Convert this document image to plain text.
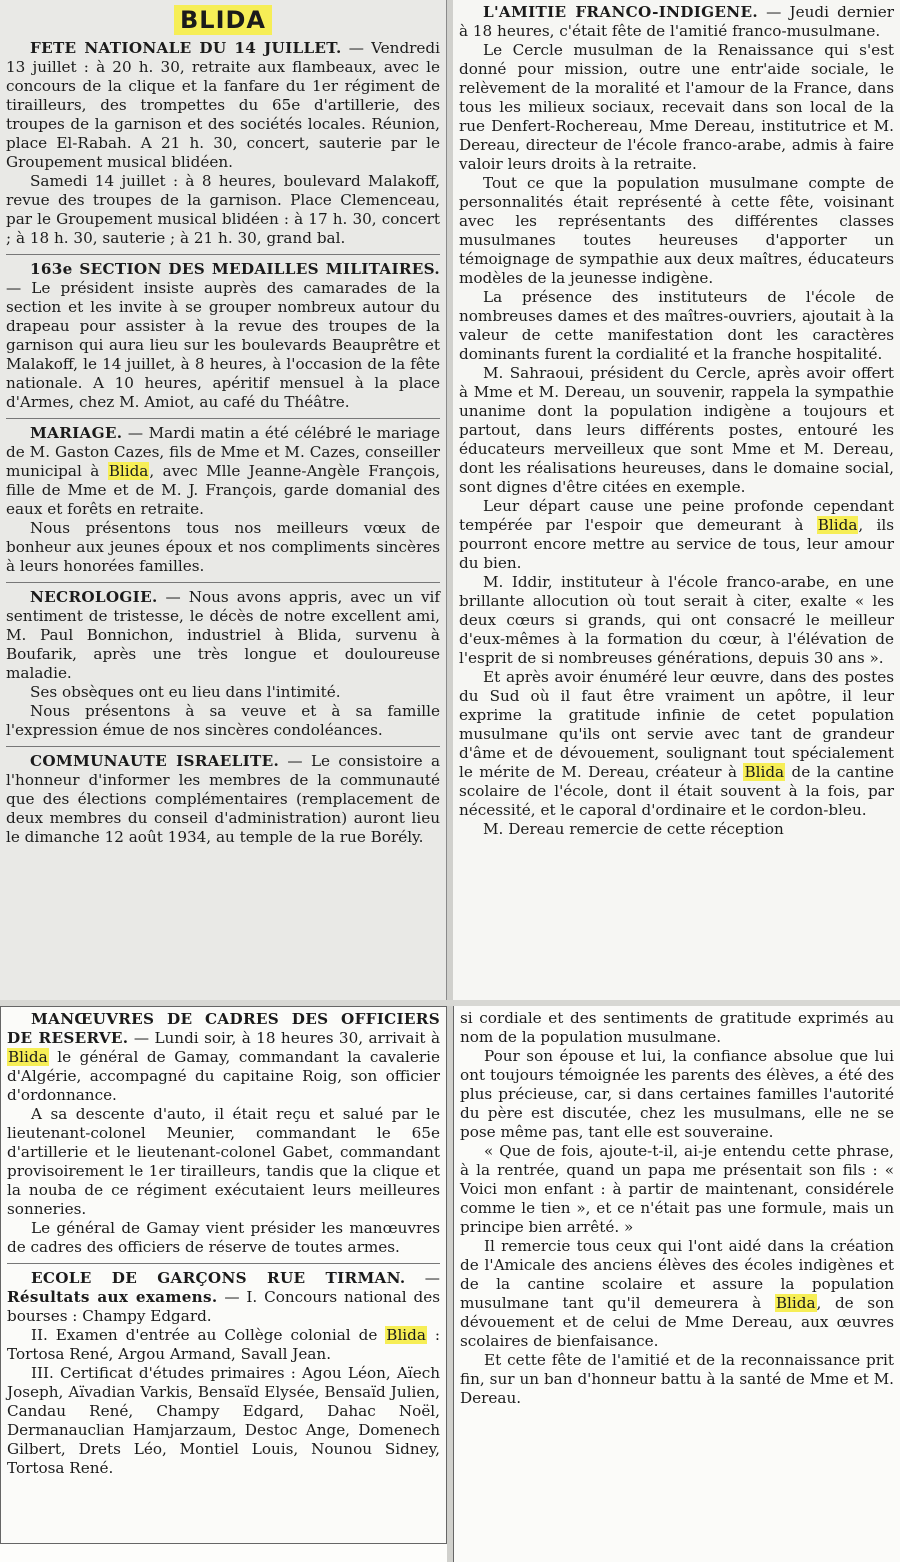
BLIDA

FETE NATIONALE DU 14 JUILLET. — Vendredi 13 juillet : à 20 h. 30, retraite aux flambeaux, avec le concours de la clique et la fanfare du 1er régiment de tirailleurs, des trompettes du 65e d'artillerie, des troupes de la garnison et des sociétés locales. Réunion, place El-Rabah. A 21 h. 30, concert, sauterie par le Groupement musical blidéen.

Samedi 14 juillet : à 8 heures, boulevard Malakoff, revue des troupes de la garnison. Place Clemenceau, par le Groupement musical blidéen : à 17 h. 30, concert ; à 18 h. 30, sauterie ; à 21 h. 30, grand bal.

163e SECTION DES MEDAILLES MILITAIRES. — Le président insiste auprès des camarades de la section et les invite à se grouper nombreux autour du drapeau pour assister à la revue des troupes de la garnison qui aura lieu sur les boulevards Beauprêtre et Malakoff, le 14 juillet, à 8 heures, à l'occasion de la fête nationale. A 10 heures, apéritif mensuel à la place d'Armes, chez M. Amiot, au café du Théâtre.

MARIAGE. — Mardi matin a été célébré le mariage de M. Gaston Cazes, fils de Mme et M. Cazes, conseiller municipal à Blida, avec Mlle Jeanne-Angèle François, fille de Mme et de M. J. François, garde domanial des eaux et forêts en retraite.

Nous présentons tous nos meilleurs vœux de bonheur aux jeunes époux et nos compliments sincères à leurs honorées familles.

NECROLOGIE. — Nous avons appris, avec un vif sentiment de tristesse, le décès de notre excellent ami, M. Paul Bonnichon, industriel à Blida, survenu à Boufarik, après une très longue et douloureuse maladie.

Ses obsèques ont eu lieu dans l'intimité.

Nous présentons à sa veuve et à sa famille l'expression émue de nos sincères condoléances.

COMMUNAUTE ISRAELITE. — Le consistoire a l'honneur d'informer les membres de la communauté que des élections complémentaires (remplacement de deux membres du conseil d'administration) auront lieu le dimanche 12 août 1934, au temple de la rue Borély.

L'AMITIE FRANCO-INDIGENE. — Jeudi dernier à 18 heures, c'était fête de l'amitié franco-musulmane.

Le Cercle musulman de la Renaissance qui s'est donné pour mission, outre une entr'aide sociale, le relèvement de la moralité et l'amour de la France, dans tous les milieux sociaux, recevait dans son local de la rue Denfert-Rochereau, Mme Dereau, institutrice et M. Dereau, directeur de l'école franco-arabe, admis à faire valoir leurs droits à la retraite.

Tout ce que la population musulmane compte de personnalités était représenté à cette fête, voisinant avec les représentants des différentes classes musulmanes toutes heureuses d'apporter un témoignage de sympathie aux deux maîtres, éducateurs modèles de la jeunesse indigène.

La présence des instituteurs de l'école de nombreuses dames et des maîtres-ouvriers, ajoutait à la valeur de cette manifestation dont les caractères dominants furent la cordialité et la franche hospitalité.

M. Sahraoui, président du Cercle, après avoir offert à Mme et M. Dereau, un souvenir, rappela la sympathie unanime dont la population indigène a toujours et partout, dans leurs différents postes, entouré les éducateurs merveilleux que sont Mme et M. Dereau, dont les réalisations heureuses, dans le domaine social, sont dignes d'être citées en exemple.

Leur départ cause une peine profonde cependant tempérée par l'espoir que demeurant à Blida, ils pourront encore mettre au service de tous, leur amour du bien.

M. Iddir, instituteur à l'école franco-arabe, en une brillante allocution où tout serait à citer, exalte « les deux cœurs si grands, qui ont consacré le meilleur d'eux-mêmes à la formation du cœur, à l'élévation de l'esprit de si nombreuses générations, depuis 30 ans ».

Et après avoir énuméré leur œuvre, dans des postes du Sud où il faut être vraiment un apôtre, il leur exprime la gratitude infinie de cetet population musulmane qu'ils ont servie avec tant de grandeur d'âme et de dévouement, soulignant tout spécialement le mérite de M. Dereau, créateur à Blida de la cantine scolaire de l'école, dont il était souvent à la fois, par nécessité, et le caporal d'ordinaire et le cordon-bleu.

M. Dereau remercie de cette réception

MANŒUVRES DE CADRES DES OFFICIERS DE RESERVE. — Lundi soir, à 18 heures 30, arrivait à Blida le général de Gamay, commandant la cavalerie d'Algérie, accompagné du capitaine Roig, son officier d'ordonnance.

A sa descente d'auto, il était reçu et salué par le lieutenant-colonel Meunier, commandant le 65e d'artillerie et le lieutenant-colonel Gabet, commandant provisoirement le 1er tirailleurs, tandis que la clique et la nouba de ce régiment exécutaient leurs meilleures sonneries.

Le général de Gamay vient présider les manœuvres de cadres des officiers de réserve de toutes armes.

ECOLE DE GARÇONS RUE TIRMAN. — Résultats aux examens. — I. Concours national des bourses : Champy Edgard.

II. Examen d'entrée au Collège colonial de Blida : Tortosa René, Argou Armand, Savall Jean.

III. Certificat d'études primaires : Agou Léon, Aïech Joseph, Aïvadian Varkis, Bensaïd Elysée, Bensaïd Julien, Candau René, Champy Edgard, Dahac Noël, Dermanauclian Hamjarzaum, Destoc Ange, Domenech Gilbert, Drets Léo, Montiel Louis, Nounou Sidney, Tortosa René.

si cordiale et des sentiments de gratitude exprimés au nom de la population musulmane.

Pour son épouse et lui, la confiance absolue que lui ont toujours témoignée les parents des élèves, a été des plus précieuse, car, si dans certaines familles l'autorité du père est discutée, chez les musulmans, elle ne se pose même pas, tant elle est souveraine.

« Que de fois, ajoute-t-il, ai-je entendu cette phrase, à la rentrée, quand un papa me présentait son fils : « Voici mon enfant : à partir de maintenant, considérele comme le tien », et ce n'était pas une formule, mais un principe bien arrêté. »

Il remercie tous ceux qui l'ont aidé dans la création de l'Amicale des anciens élèves des écoles indigènes et de la cantine scolaire et assure la population musulmane tant qu'il demeurera à Blida, de son dévouement et de celui de Mme Dereau, aux œuvres scolaires de bienfaisance.

Et cette fête de l'amitié et de la reconnaissance prit fin, sur un ban d'honneur battu à la santé de Mme et M. Dereau.
